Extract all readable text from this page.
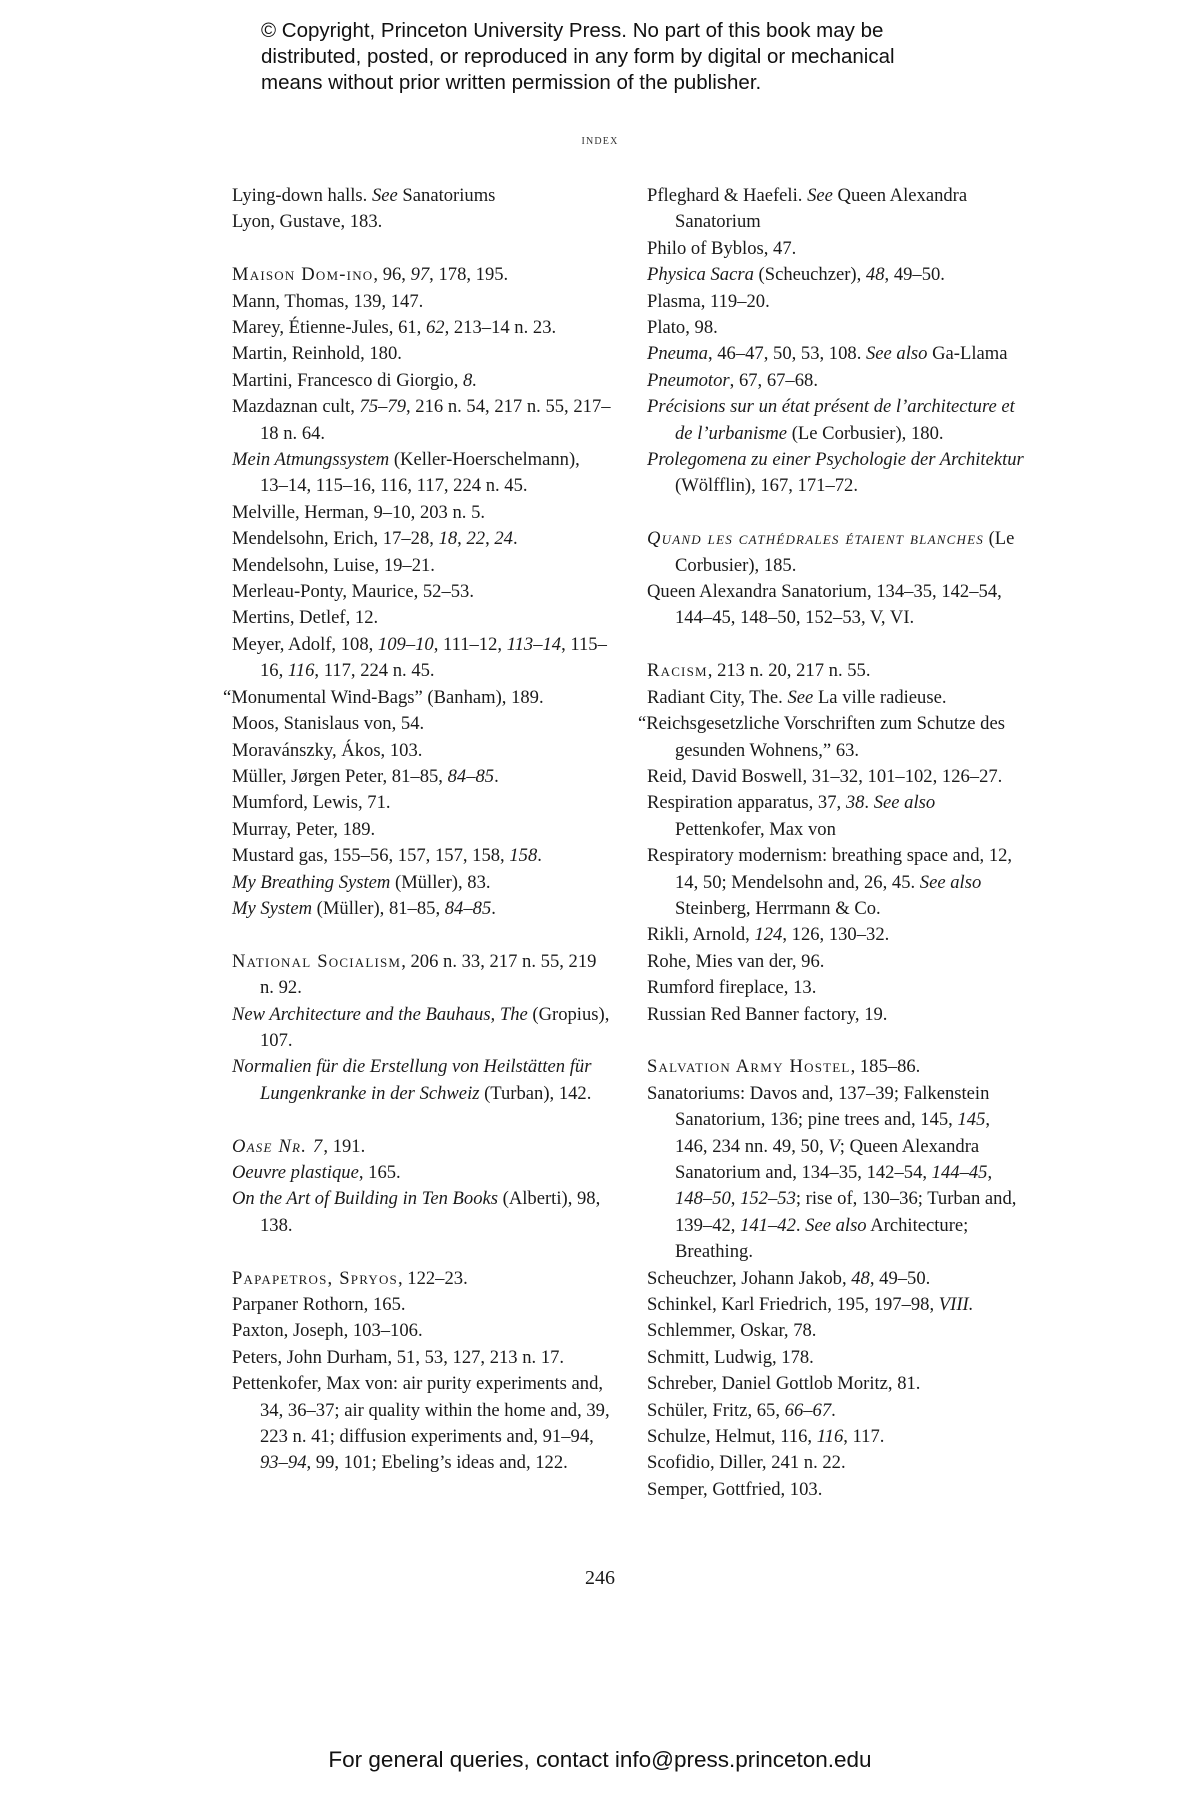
© Copyright, Princeton University Press. No part of this book may be
distributed, posted, or reproduced in any form by digital or mechanical
means without prior written permission of the publisher.
index
Lying-down halls. See Sanatoriums
Lyon, Gustave, 183.
Maison Dom-ino, 96, 97, 178, 195.
Mann, Thomas, 139, 147.
Marey, Étienne-Jules, 61, 62, 213–14 n. 23.
Martin, Reinhold, 180.
Martini, Francesco di Giorgio, 8.
Mazdaznan cult, 75–79, 216 n. 54, 217 n. 55, 217–18 n. 64.
Mein Atmungssystem (Keller-Hoerschelmann), 13–14, 115–16, 116, 117, 224 n. 45.
Melville, Herman, 9–10, 203 n. 5.
Mendelsohn, Erich, 17–28, 18, 22, 24.
Mendelsohn, Luise, 19–21.
Merleau-Ponty, Maurice, 52–53.
Mertins, Detlef, 12.
Meyer, Adolf, 108, 109–10, 111–12, 113–14, 115–16, 116, 117, 224 n. 45.
“Monumental Wind-Bags” (Banham), 189.
Moos, Stanislaus von, 54.
Moravánszky, Ákos, 103.
Müller, Jørgen Peter, 81–85, 84–85.
Mumford, Lewis, 71.
Murray, Peter, 189.
Mustard gas, 155–56, 157, 157, 158, 158.
My Breathing System (Müller), 83.
My System (Müller), 81–85, 84–85.
National Socialism, 206 n. 33, 217 n. 55, 219 n. 92.
New Architecture and the Bauhaus, The (Gropius), 107.
Normalien für die Erstellung von Heilstätten für Lungenkranke in der Schweiz (Turban), 142.
Oase Nr. 7, 191.
Oeuvre plastique, 165.
On the Art of Building in Ten Books (Alberti), 98, 138.
Papapetros, Spryos, 122–23.
Parpaner Rothorn, 165.
Paxton, Joseph, 103–106.
Peters, John Durham, 51, 53, 127, 213 n. 17.
Pettenkofer, Max von: air purity experiments and, 34, 36–37; air quality within the home and, 39, 223 n. 41; diffusion experiments and, 91–94, 93–94, 99, 101; Ebeling’s ideas and, 122.
Pfleghard & Haefeli. See Queen Alexandra Sanatorium
Philo of Byblos, 47.
Physica Sacra (Scheuchzer), 48, 49–50.
Plasma, 119–20.
Plato, 98.
Pneuma, 46–47, 50, 53, 108. See also Ga-Llama
Pneumotor, 67, 67–68.
Précisions sur un état présent de l’architecture et de l’urbanisme (Le Corbusier), 180.
Prolegomena zu einer Psychologie der Architektur (Wölfflin), 167, 171–72.
Quand les cathédrales étaient blanches (Le Corbusier), 185.
Queen Alexandra Sanatorium, 134–35, 142–54, 144–45, 148–50, 152–53, V, VI.
Racism, 213 n. 20, 217 n. 55.
Radiant City, The. See La ville radieuse.
“Reichsgesetzliche Vorschriften zum Schutze des gesunden Wohnens,” 63.
Reid, David Boswell, 31–32, 101–102, 126–27.
Respiration apparatus, 37, 38. See also Pettenkofer, Max von
Respiratory modernism: breathing space and, 12, 14, 50; Mendelsohn and, 26, 45. See also Steinberg, Herrmann & Co.
Rikli, Arnold, 124, 126, 130–32.
Rohe, Mies van der, 96.
Rumford fireplace, 13.
Russian Red Banner factory, 19.
Salvation Army Hostel, 185–86.
Sanatoriums: Davos and, 137–39; Falkenstein Sanatorium, 136; pine trees and, 145, 145, 146, 234 nn. 49, 50, V; Queen Alexandra Sanatorium and, 134–35, 142–54, 144–45, 148–50, 152–53; rise of, 130–36; Turban and, 139–42, 141–42. See also Architecture; Breathing.
Scheuchzer, Johann Jakob, 48, 49–50.
Schinkel, Karl Friedrich, 195, 197–98, VIII.
Schlemmer, Oskar, 78.
Schmitt, Ludwig, 178.
Schreber, Daniel Gottlob Moritz, 81.
Schüler, Fritz, 65, 66–67.
Schulze, Helmut, 116, 116, 117.
Scofidio, Diller, 241 n. 22.
Semper, Gottfried, 103.
246
For general queries, contact info@press.princeton.edu
